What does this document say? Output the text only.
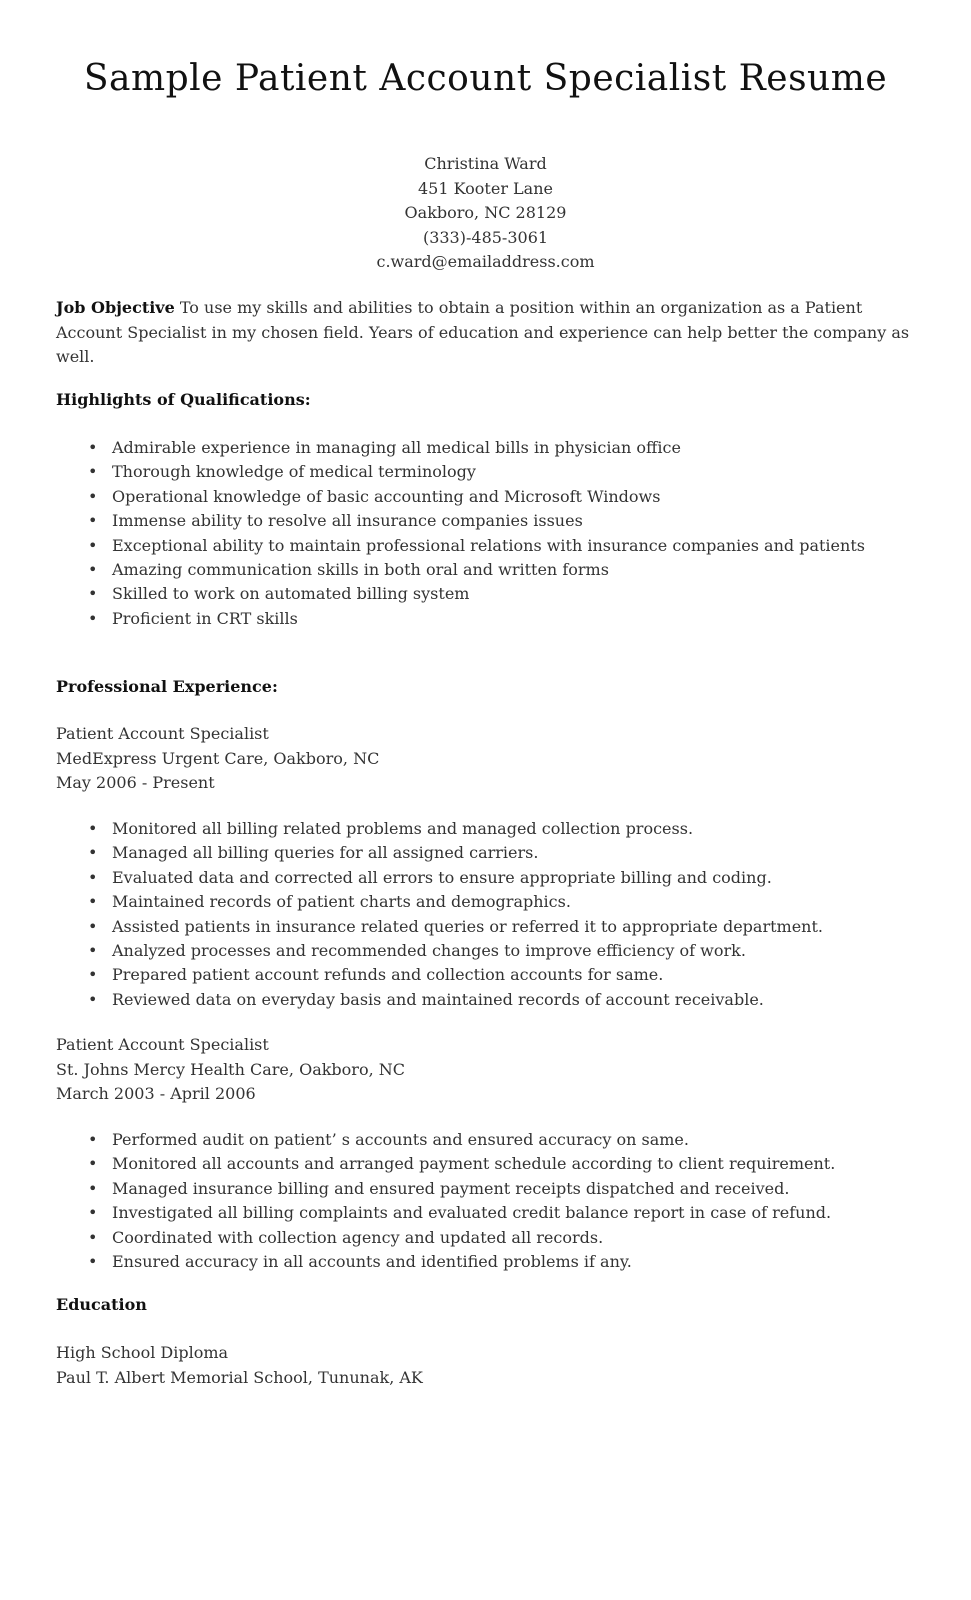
Sample Patient Account Specialist Resume
Christina Ward
451 Kooter Lane
Oakboro, NC 28129
(333)-485-3061
c.ward@emailaddress.com
Job Objective To use my skills and abilities to obtain a position within an organization as a Patient Account Specialist in my chosen field. Years of education and experience can help better the company as well.
Highlights of Qualifications:
• Admirable experience in managing all medical bills in physician office
• Thorough knowledge of medical terminology
• Operational knowledge of basic accounting and Microsoft Windows
• Immense ability to resolve all insurance companies issues
• Exceptional ability to maintain professional relations with insurance companies and patients
• Amazing communication skills in both oral and written forms
• Skilled to work on automated billing system
• Proficient in CRT skills
Professional Experience:
Patient Account Specialist
MedExpress Urgent Care, Oakboro, NC
May 2006 - Present
• Monitored all billing related problems and managed collection process.
• Managed all billing queries for all assigned carriers.
• Evaluated data and corrected all errors to ensure appropriate billing and coding.
• Maintained records of patient charts and demographics.
• Assisted patients in insurance related queries or referred it to appropriate department.
• Analyzed processes and recommended changes to improve efficiency of work.
• Prepared patient account refunds and collection accounts for same.
• Reviewed data on everyday basis and maintained records of account receivable.
Patient Account Specialist
St. Johns Mercy Health Care, Oakboro, NC
March 2003 - April 2006
• Performed audit on patient’ s accounts and ensured accuracy on same.
• Monitored all accounts and arranged payment schedule according to client requirement.
• Managed insurance billing and ensured payment receipts dispatched and received.
• Investigated all billing complaints and evaluated credit balance report in case of refund.
• Coordinated with collection agency and updated all records.
• Ensured accuracy in all accounts and identified problems if any.
Education
High School Diploma
Paul T. Albert Memorial School, Tununak, AK
